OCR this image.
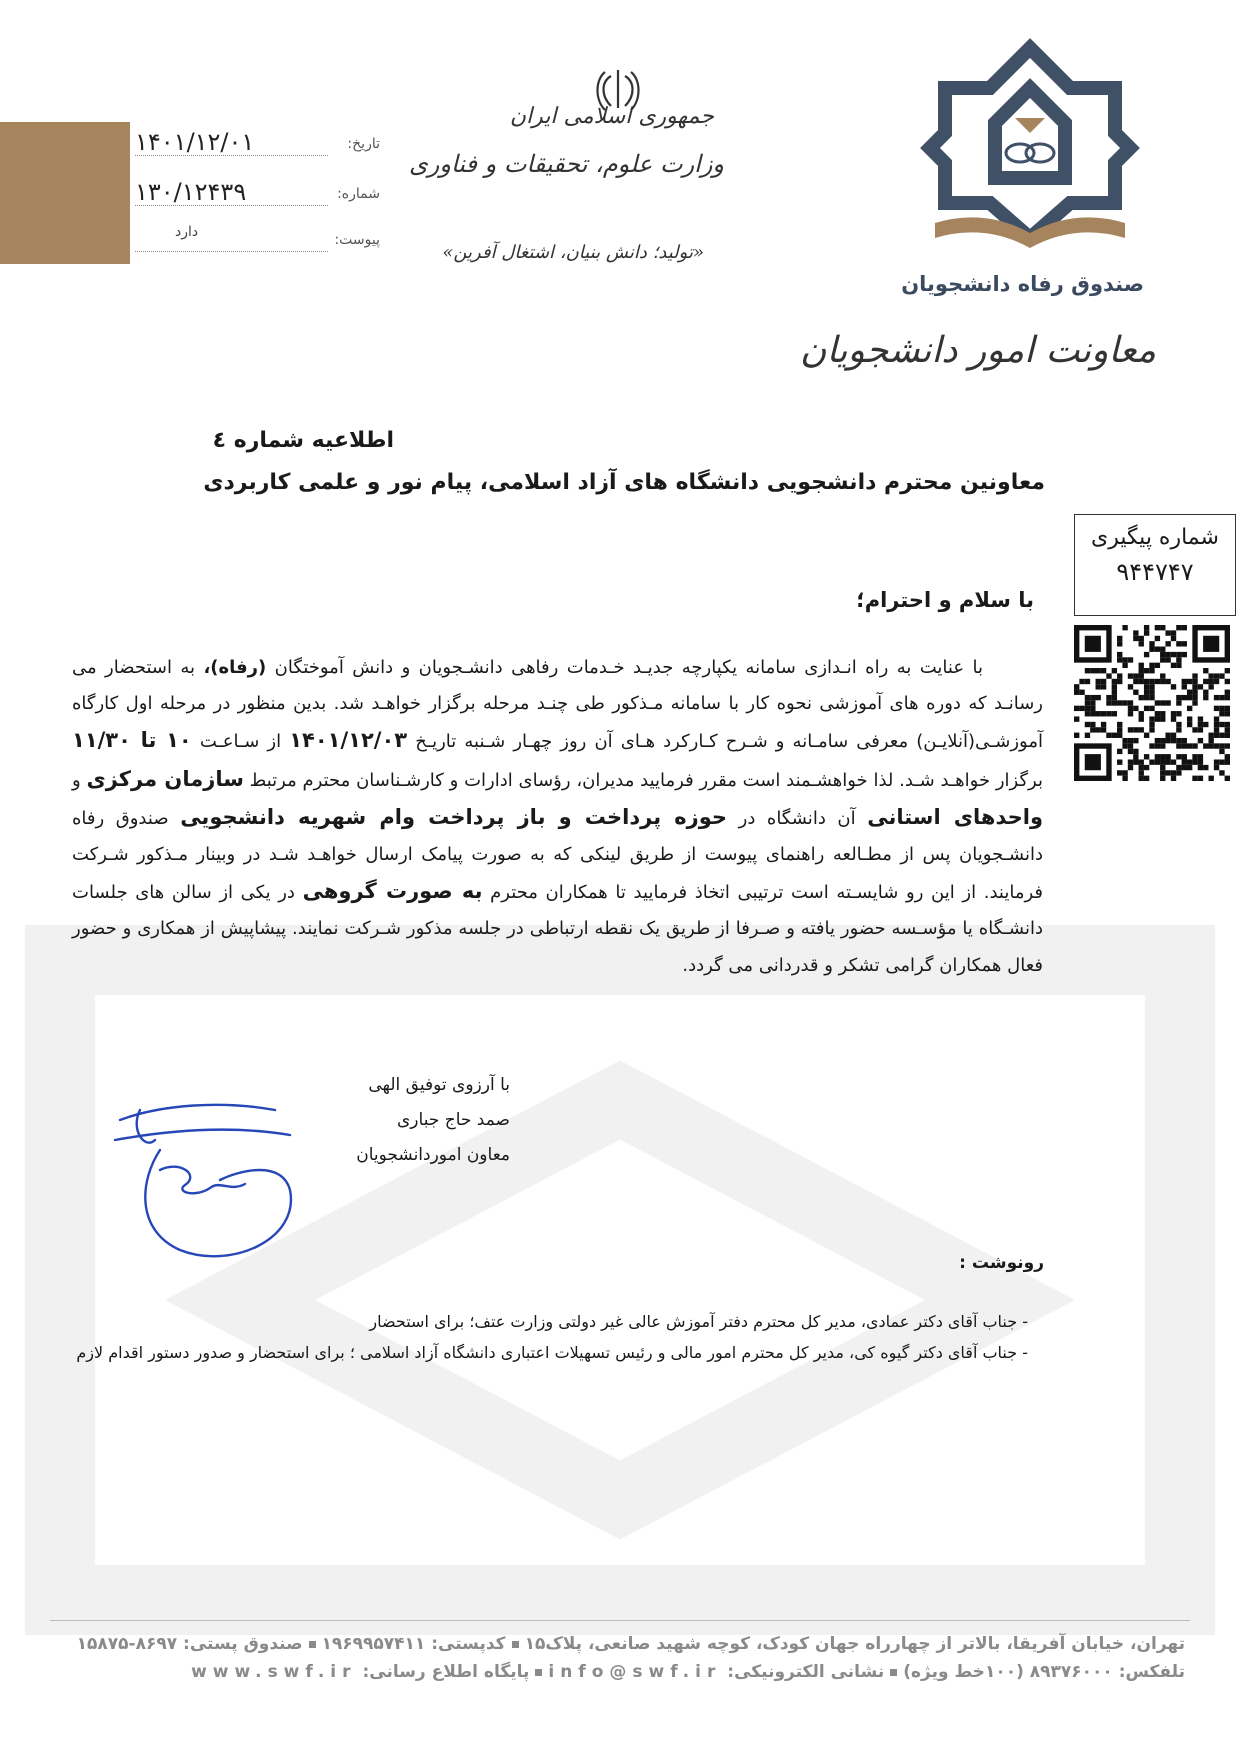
۱۴۰۱/۱۲/۰۱	تاریخ:
۱۳۰/۱۲۴۳۹	شماره:
دارد	پیوست:
جمهوری اسلامی ایران
وزارت علوم، تحقیقات و فناوری
«تولید؛ دانش بنیان، اشتغال آفرین»
صندوق رفاه دانشجویان
معاونت امور دانشجویان
اطلاعیه شماره ٤
معاونین محترم دانشجویی دانشگاه های آزاد اسلامی، پیام نور و علمی کاربردی
شماره پیگیری
۹۴۴۷۴۷
با سلام و احترام؛
با عنایت به راه انـدازی سامانه یکپارچه جدیـد خـدمات رفاهی دانشـجویان و دانش آموختگان (رفاه)، به استحضار می رسانـد که دوره های آموزشی نحوه کار با سامانه مـذکور طی چنـد مرحله برگزار خواهـد شد. بدین منظور در مرحله اول کارگاه آموزشـی(آنلایـن) معرفی سامـانه و شـرح کـارکرد هـای آن روز چهـار شـنبه تاریـخ ۱۴۰۱/۱۲/۰۳ از سـاعـت ۱۰ تا ۱۱/۳۰ برگزار خواهـد شـد. لذا خواهشـمند است مقرر فرمایید مدیران، رؤسای ادارات و کارشـناسان محترم مرتبط سازمان مرکزی و واحدهای استانی آن دانشگاه در حوزه پرداخت و باز پرداخت وام شهریه دانشجویی صندوق رفاه دانشـجویان پس از مطـالعه راهنمای پیوست از طریق لینکی که به صورت پیامک ارسال خواهـد شـد در وبینار مـذکور شـرکت فرمایند. از این رو شایسـته است ترتیبی اتخاذ فرمایید تا همکاران محترم به صورت گروهی در یکی از سالن های جلسات دانشـگاه یا مؤسـسه حضور یافته و صـرفا از طریق یک نقطه ارتباطی در جلسه مذکور شـرکت نمایند. پیشاپیش از همکاری و حضور فعال همکاران گرامی تشکر و قدردانی می گردد.
با آرزوی توفیق الهی
صمد حاج جباری
معاون امورد‌انشجویان
رونوشت :
- جناب آقای دکتر عمادی، مدیر کل محترم دفتر آموزش عالی غیر دولتی وزارت عتف؛ برای استحضار
- جناب آقای دکتر گیوه کی، مدیر کل محترم امور مالی و رئیس تسهیلات اعتباری دانشگاه آزاد اسلامی ؛ برای استحضار و صدور دستور اقدام لازم
تهران، خیابان آفریقا، بالاتر از چهارراه جهان کودک، کوچه شهید صانعی، پلاک۱۵کدپستی: ۱۹۶۹۹۵۷۴۱۱صندوق پستی: ۸۶۹۷-۱۵۸۷۵
تلفکس: ۸۹۳۷۶۰۰۰ (۱۰۰خط ویژه)نشانی الکترونیکی: info@swf.irپایگاه اطلاع رسانی: www.swf.ir
